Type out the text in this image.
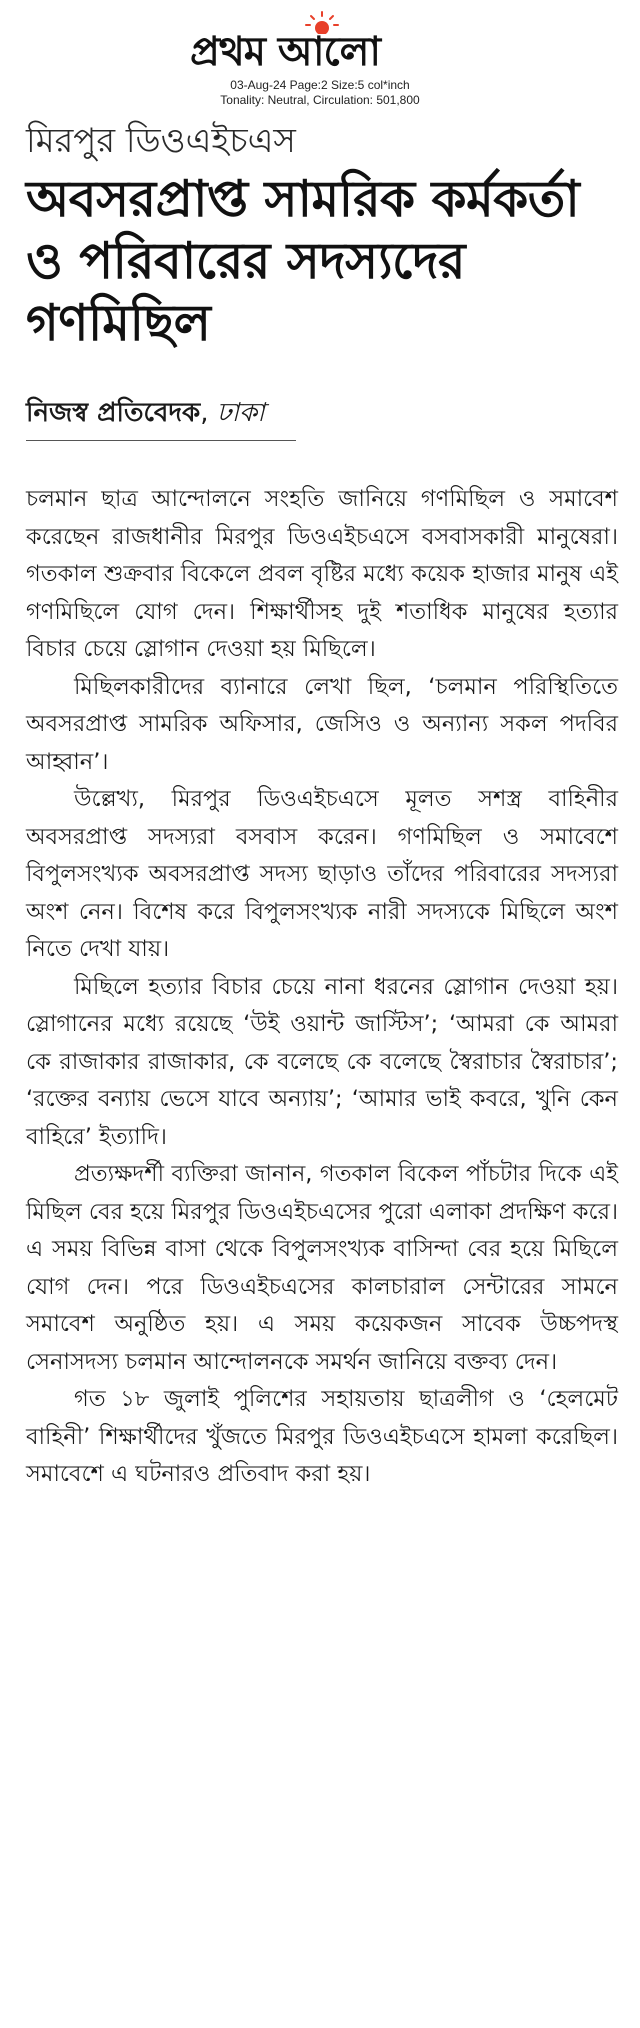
প্রথম আলো
03-Aug-24 Page:2 Size:5 col*inch
Tonality: Neutral, Circulation: 501,800
মিরপুর ডিওএইচএস
অবসরপ্রাপ্ত সামরিক কর্মকর্তা ও পরিবারের সদস্যদের গণমিছিল
নিজস্ব প্রতিবেদক, ঢাকা

চলমান ছাত্র আন্দোলনে সংহতি জানিয়ে গণমিছিল ও সমাবেশ করেছেন রাজধানীর মিরপুর ডিওএইচএসে বসবাসকারী মানুষেরা। গতকাল শুক্রবার বিকেলে প্রবল বৃষ্টির মধ্যে কয়েক হাজার মানুষ এই গণমিছিলে যোগ দেন। শিক্ষার্থীসহ দুই শতাধিক মানুষের হত্যার বিচার চেয়ে স্লোগান দেওয়া হয় মিছিলে।

মিছিলকারীদের ব্যানারে লেখা ছিল, ‘চলমান পরিস্থিতিতে অবসরপ্রাপ্ত সামরিক অফিসার, জেসিও ও অন্যান্য সকল পদবির আহ্বান’।

উল্লেখ্য, মিরপুর ডিওএইচএসে মূলত সশস্ত্র বাহিনীর অবসরপ্রাপ্ত সদস্যরা বসবাস করেন। গণমিছিল ও সমাবেশে বিপুলসংখ্যক অবসরপ্রাপ্ত সদস্য ছাড়াও তাঁদের পরিবারের সদস্যরা অংশ নেন। বিশেষ করে বিপুলসংখ্যক নারী সদস্যকে মিছিলে অংশ নিতে দেখা যায়।

মিছিলে হত্যার বিচার চেয়ে নানা ধরনের স্লোগান দেওয়া হয়। স্লোগানের মধ্যে রয়েছে ‘উই ওয়ান্ট জাস্টিস’; ‘আমরা কে আমরা কে রাজাকার রাজাকার, কে বলেছে কে বলেছে স্বৈরাচার স্বৈরাচার’; ‘রক্তের বন্যায় ভেসে যাবে অন্যায়’; ‘আমার ভাই কবরে, খুনি কেন বাহিরে’ ইত্যাদি।

প্রত্যক্ষদর্শী ব্যক্তিরা জানান, গতকাল বিকেল পাঁচটার দিকে এই মিছিল বের হয়ে মিরপুর ডিওএইচএসের পুরো এলাকা প্রদক্ষিণ করে। এ সময় বিভিন্ন বাসা থেকে বিপুলসংখ্যক বাসিন্দা বের হয়ে মিছিলে যোগ দেন। পরে ডিওএইচএসের কালচারাল সেন্টারের সামনে সমাবেশ অনুষ্ঠিত হয়। এ সময় কয়েকজন সাবেক উচ্চপদস্থ সেনাসদস্য চলমান আন্দোলনকে সমর্থন জানিয়ে বক্তব্য দেন।

গত ১৮ জুলাই পুলিশের সহায়তায় ছাত্রলীগ ও ‘হেলমেট বাহিনী’ শিক্ষার্থীদের খুঁজতে মিরপুর ডিওএইচএসে হামলা করেছিল। সমাবেশে এ ঘটনারও প্রতিবাদ করা হয়।
